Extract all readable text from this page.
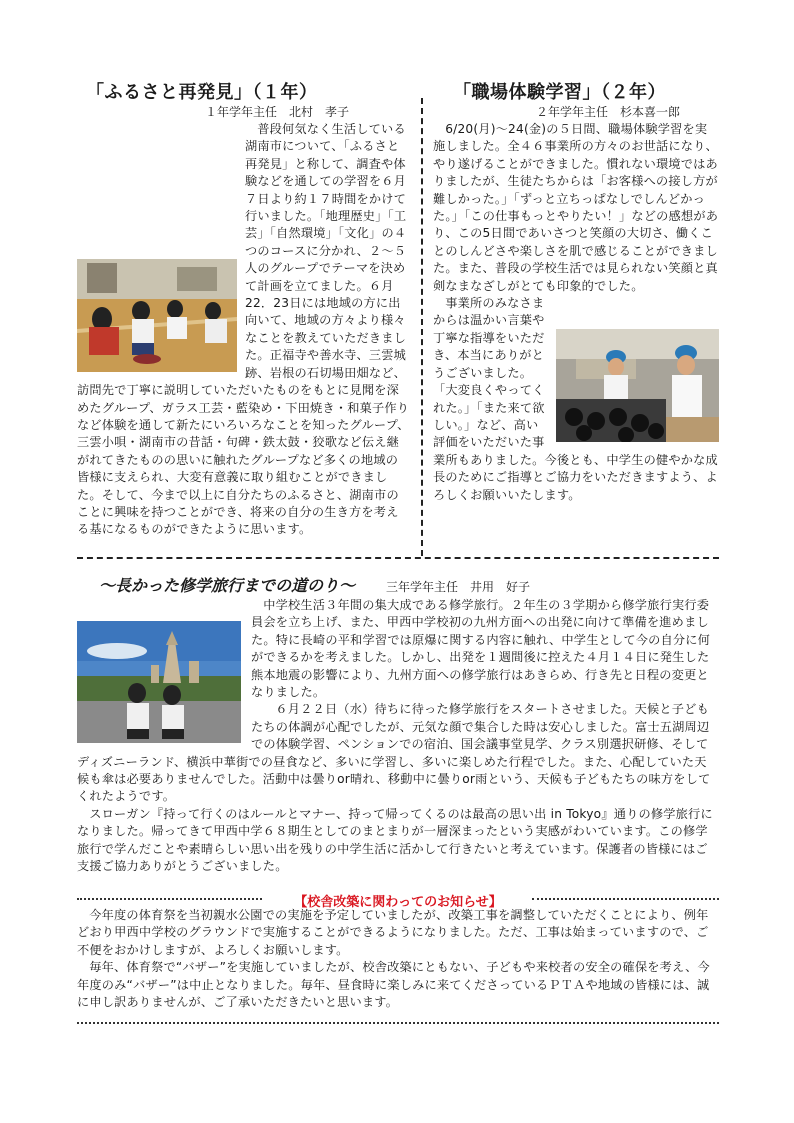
「ふるさと再発見」（１年）
１年学年主任　北村　孝子

普段何気なく生活している湖南市について、「ふるさと再発見」と称して、調査や体験などを通しての学習を６月７日より約１７時間をかけて行いました。「地理歴史」「工芸」「自然環境」「文化」の４つのコースに分かれ、２～５人のグループでテーマを決めて計画を立てました。６月22．23日には地域の方に出向いて、地域の方々より様々なことを教えていただきました。正福寺や善水寺、三雲城跡、岩根の石切場田畑など、訪問先で丁寧に説明していただいたものをもとに見聞を深めたグループ、ガラス工芸・藍染め・下田焼き・和菓子作りなど体験を通して新たにいろいろなことを知ったグループ、三雲小唄・湖南市の昔話・句碑・鉄太鼓・狡歌など伝え継がれてきたものの思いに触れたグループなど多くの地域の皆様に支えられ、大変有意義に取り組むことができました。そして、今まで以上に自分たちのふるさと、湖南市のことに興味を持つことができ、将来の自分の生き方を考える基になるものができたように思います。

「職場体験学習」（２年）
２年学年主任　杉本喜一郎

6/20(月)～24(金)の５日間、職場体験学習を実施しました。全４６事業所の方々のお世話になり、やり遂げることができました。慣れない環境ではありましたが、生徒たちからは「お客様への接し方が難しかった。」「ずっと立ちっぱなしでしんどかった。」「この仕事もっとやりたい！」などの感想があり、この5日間であいさつと笑顔の大切さ、働くことのしんどさや楽しさを肌で感じることができました。また、普段の学校生活では見られない笑顔と真剣なまなざしがとても印象的でした。

事業所のみなさまからは温かい言葉や丁寧な指導をいただき、本当にありがとうございました。「大変良くやってくれた。」「また来て欲しい。」など、高い評価をいただいた事業所もありました。今後とも、中学生の健やかな成長のためにご指導とご協力をいただきますよう、よろしくお願いいたします。

～長かった修学旅行までの道のり～	三年学年主任　井用　好子

中学校生活３年間の集大成である修学旅行。２年生の３学期から修学旅行実行委員会を立ち上げ、また、甲西中学校初の九州方面への出発に向けて準備を進めました。特に長崎の平和学習では原爆に関する内容に触れ、中学生として今の自分に何ができるかを考えました。しかし、出発を１週間後に控えた４月１４日に発生した熊本地震の影響により、九州方面への修学旅行はあきらめ、行き先と日程の変更となりました。

６月２２日（水）待ちに待った修学旅行をスタートさせました。天候と子どもたちの体調が心配でしたが、元気な顔で集合した時は安心しました。富士五湖周辺での体験学習、ペンションでの宿泊、国会議事堂見学、クラス別選択研修、そしてディズニーランド、横浜中華街での昼食など、多いに学習し、多いに楽しめた行程でした。また、心配していた天候も傘は必要ありませんでした。活動中は曇りor晴れ、移動中に曇りor雨という、天候も子どもたちの味方をしてくれたようです。

スローガン『持って行くのはルールとマナー、持って帰ってくるのは最高の思い出 in Tokyo』通りの修学旅行になりました。帰ってきて甲西中学６８期生としてのまとまりが一層深まったという実感がわいています。この修学旅行で学んだことや素晴らしい思い出を残りの中学生活に活かして行きたいと考えています。保護者の皆様にはご支援ご協力ありがとうございました。

【校舎改築に関わってのお知らせ】

今年度の体育祭を当初親水公園での実施を予定していましたが、改築工事を調整していただくことにより、例年どおり甲西中学校のグラウンドで実施することができるようになりました。ただ、工事は始まっていますので、ご不便をおかけしますが、よろしくお願いします。

毎年、体育祭で“バザー”を実施していましたが、校舎改築にともない、子どもや来校者の安全の確保を考え、今年度のみ“バザー”は中止となりました。毎年、昼食時に楽しみに来てくださっているＰＴＡや地域の皆様には、誠に申し訳ありませんが、ご了承いただきたいと思います。
